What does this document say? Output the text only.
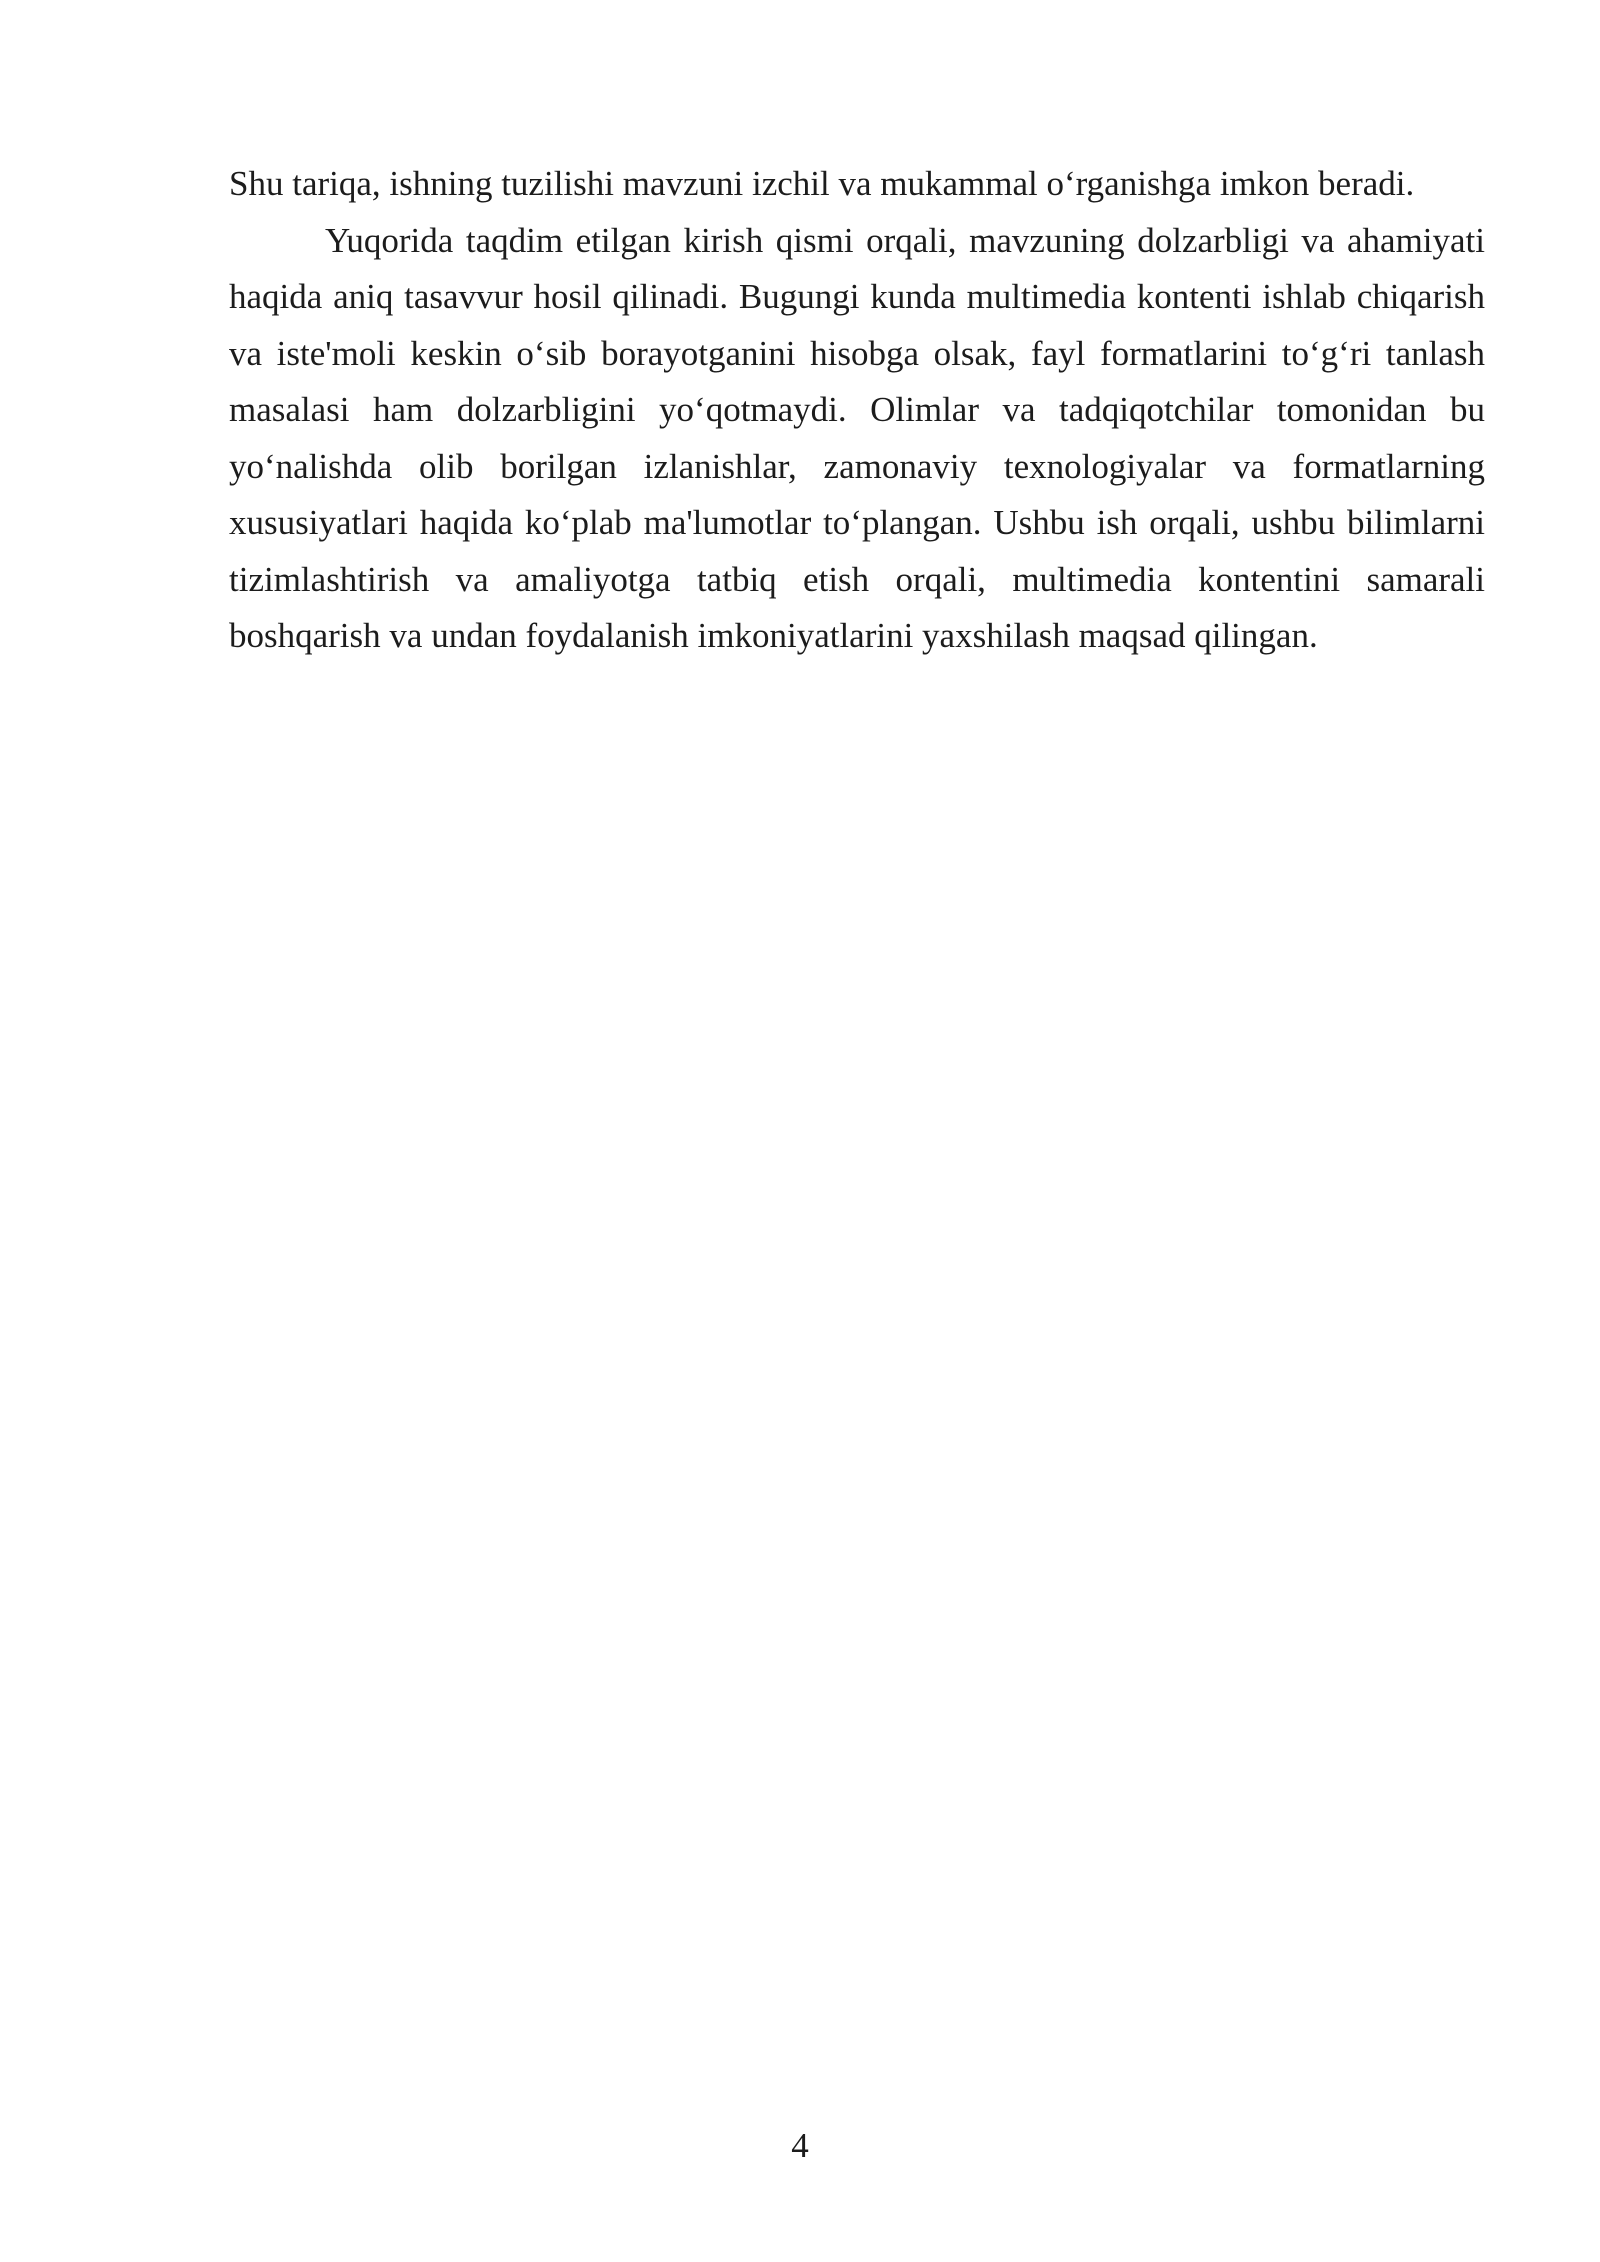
Shu tariqa, ishning tuzilishi mavzuni izchil va mukammal o‘rganishga imkon beradi.

Yuqorida taqdim etilgan kirish qismi orqali, mavzuning dolzarbligi va ahamiyati haqida aniq tasavvur hosil qilinadi. Bugungi kunda multimedia kontenti ishlab chiqarish va iste'moli keskin o‘sib borayotganini hisobga olsak, fayl formatlarini to‘g‘ri tanlash masalasi ham dolzarbligini yo‘qotmaydi. Olimlar va tadqiqotchilar tomonidan bu yo‘nalishda olib borilgan izlanishlar, zamonaviy texnologiyalar va formatlarning xususiyatlari haqida ko‘plab ma'lumotlar to‘plangan. Ushbu ish orqali, ushbu bilimlarni tizimlashtirish va amaliyotga tatbiq etish orqali, multimedia kontentini samarali boshqarish va undan foydalanish imkoniyatlarini yaxshilash maqsad qilingan.

4
